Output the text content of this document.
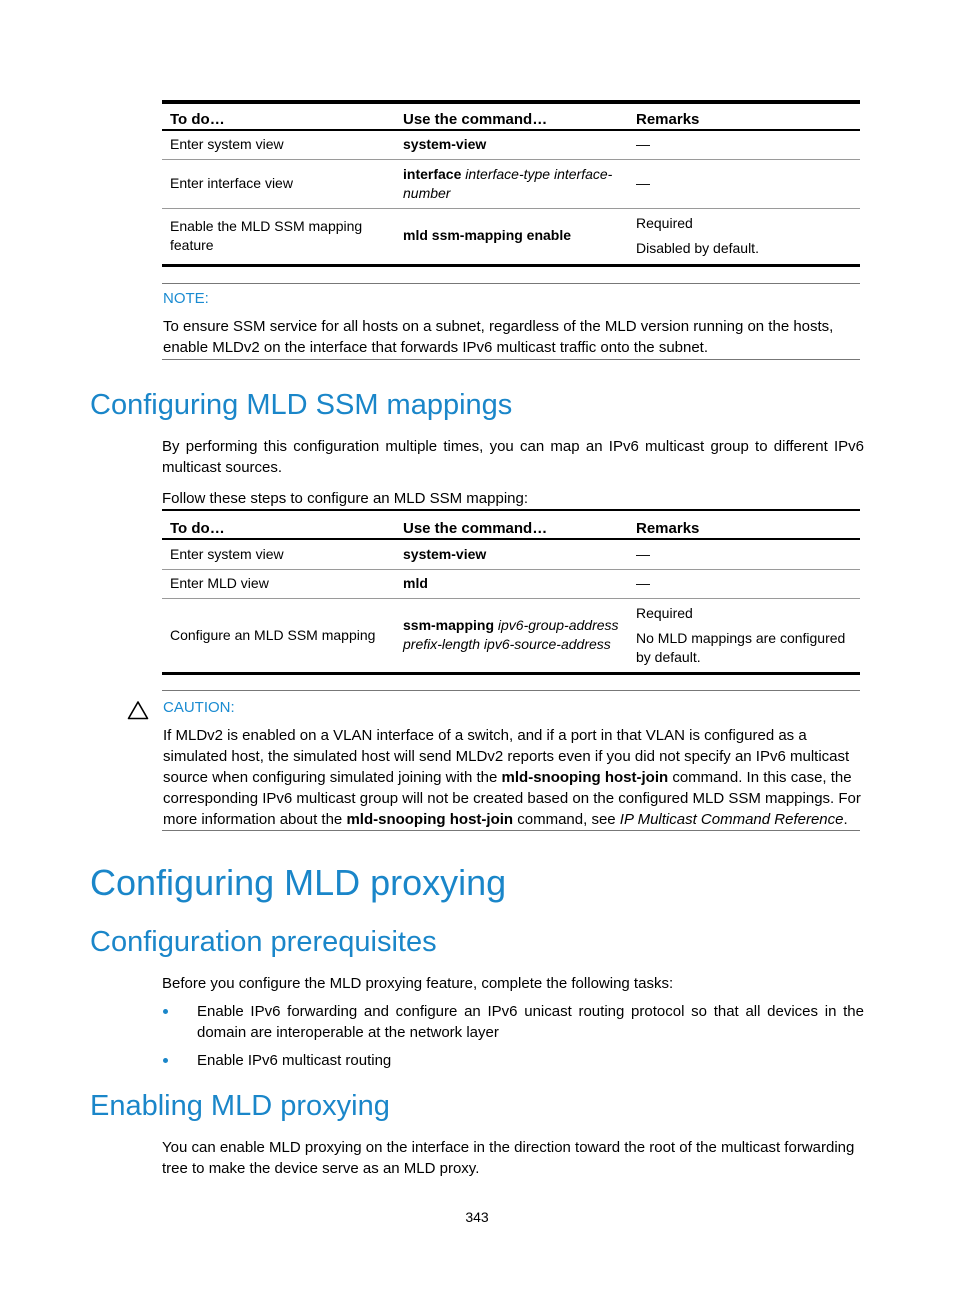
To do…	Use the command…	Remarks
Enter system view	system-view	—
Enter interface view	interface interface-type interface-number	—
Enable the MLD SSM mapping feature	mld ssm-mapping enable	Required
Disabled by default.
NOTE:
To ensure SSM service for all hosts on a subnet, regardless of the MLD version running on the hosts, enable MLDv2 on the interface that forwards IPv6 multicast traffic onto the subnet.
Configuring MLD SSM mappings
By performing this configuration multiple times, you can map an IPv6 multicast group to different IPv6 multicast sources.
Follow these steps to configure an MLD SSM mapping:
To do…	Use the command…	Remarks
Enter system view	system-view	—
Enter MLD view	mld	—
Configure an MLD SSM mapping	ssm-mapping ipv6-group-address prefix-length ipv6-source-address	Required
No MLD mappings are configured by default.
CAUTION:
If MLDv2 is enabled on a VLAN interface of a switch, and if a port in that VLAN is configured as a simulated host, the simulated host will send MLDv2 reports even if you did not specify an IPv6 multicast source when configuring simulated joining with the mld-snooping host-join command. In this case, the corresponding IPv6 multicast group will not be created based on the configured MLD SSM mappings. For more information about the mld-snooping host-join command, see IP Multicast Command Reference.
Configuring MLD proxying
Configuration prerequisites
Before you configure the MLD proxying feature, complete the following tasks:
Enable IPv6 forwarding and configure an IPv6 unicast routing protocol so that all devices in the domain are interoperable at the network layer
Enable IPv6 multicast routing
Enabling MLD proxying
You can enable MLD proxying on the interface in the direction toward the root of the multicast forwarding tree to make the device serve as an MLD proxy.
343
